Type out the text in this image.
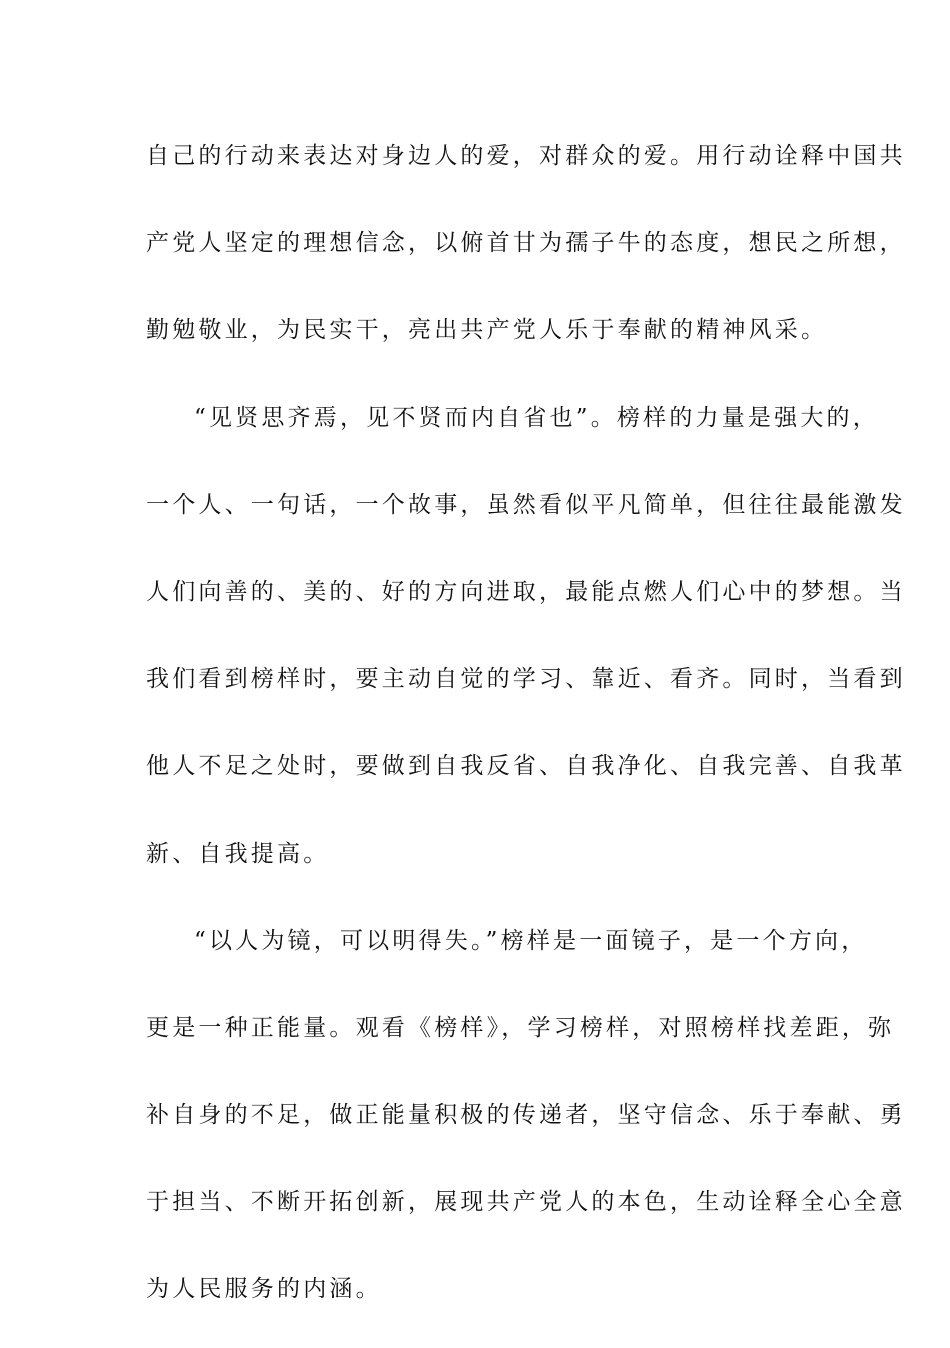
自己的行动来表达对身边人的爱，对群众的爱。用行动诠释中国共
产党人坚定的理想信念，以俯首甘为孺子牛的态度，想民之所想，
勤勉敬业，为民实干，亮出共产党人乐于奉献的精神风采。
“见贤思齐焉，见不贤而内自省也”。榜样的力量是强大的，
一个人、一句话，一个故事，虽然看似平凡简单，但往往最能激发
人们向善的、美的、好的方向进取，最能点燃人们心中的梦想。当
我们看到榜样时，要主动自觉的学习、靠近、看齐。同时，当看到
他人不足之处时，要做到自我反省、自我净化、自我完善、自我革
新、自我提高。
“以人为镜，可以明得失。”榜样是一面镜子，是一个方向，
更是一种正能量。观看《榜样》，学习榜样，对照榜样找差距，弥
补自身的不足，做正能量积极的传递者，坚守信念、乐于奉献、勇
于担当、不断开拓创新，展现共产党人的本色，生动诠释全心全意
为人民服务的内涵。
